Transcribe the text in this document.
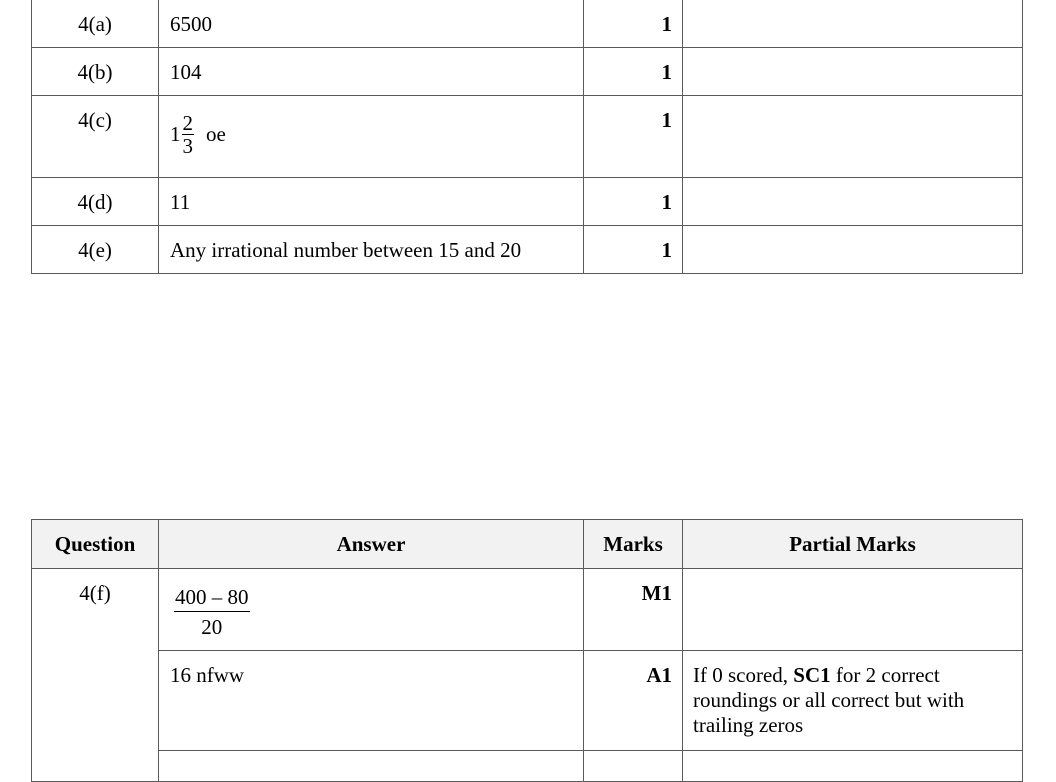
4(a)	6500	1	
4(b)	104	1	
4(c)	$1 \frac{2}{3}$ oe	1	
4(d)	11	1	
4(e)	Any irrational number between 15 and 20	1	
Question	Answer	Marks	Partial Marks
4(f)	$\frac{400 - 80}{20}$	M1	
	16 nfww	A1	If 0 scored, SC1 for 2 correct roundings or all correct but with trailing zeros
